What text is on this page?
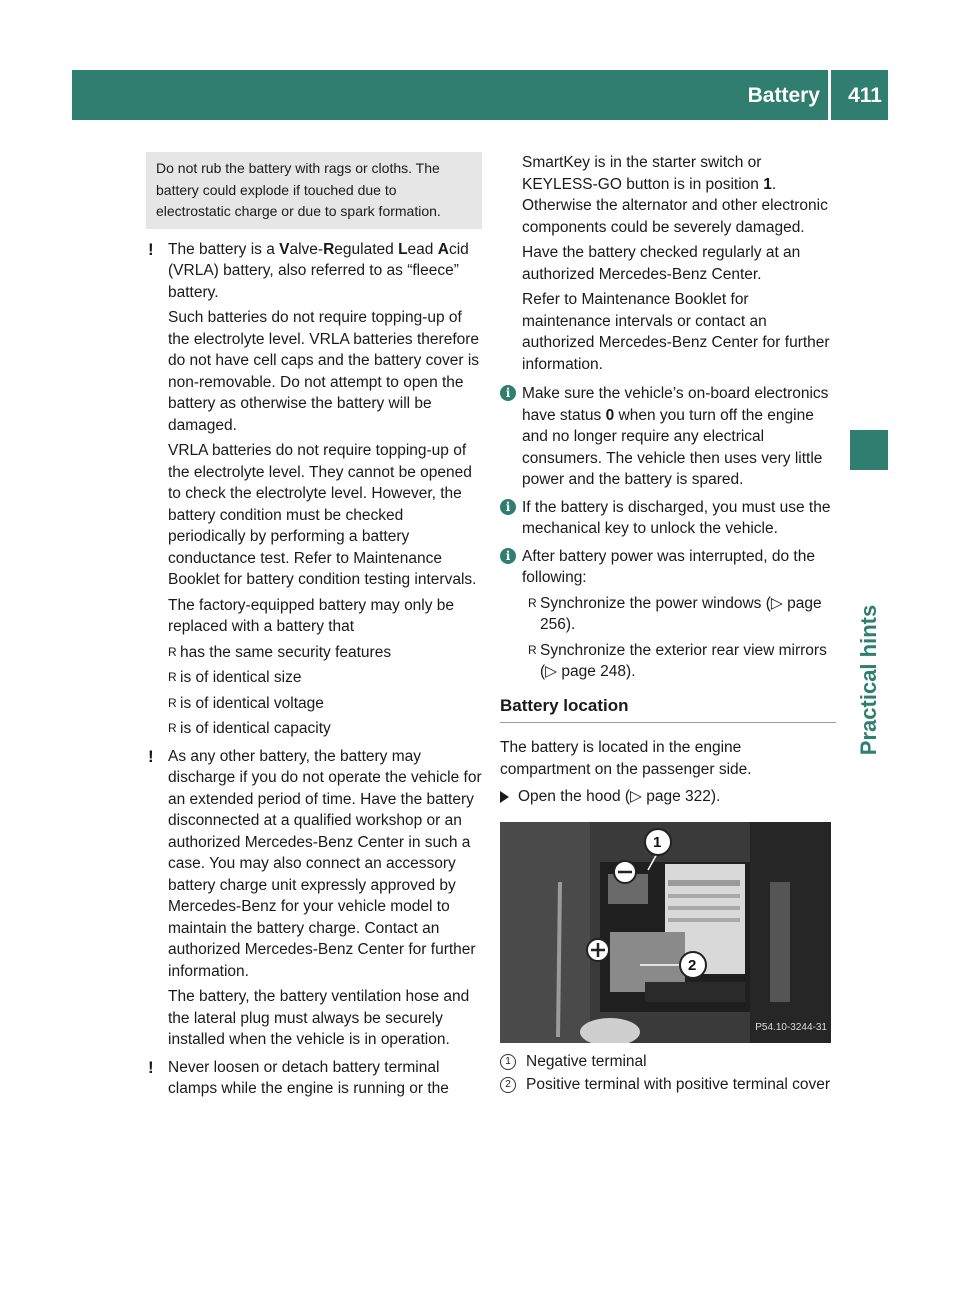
Battery 411
Practical hints
Do not rub the battery with rags or cloths. The battery could explode if touched due to electrostatic charge or due to spark formation.
! The battery is a Valve-Regulated Lead Acid (VRLA) battery, also referred to as “fleece” battery.
Such batteries do not require topping-up of the electrolyte level. VRLA batteries therefore do not have cell caps and the battery cover is non-removable. Do not attempt to open the battery as otherwise the battery will be damaged.
VRLA batteries do not require topping-up of the electrolyte level. They cannot be opened to check the electrolyte level. However, the battery condition must be checked periodically by performing a battery conductance test. Refer to Maintenance Booklet for battery condition testing intervals.
The factory-equipped battery may only be replaced with a battery that
R has the same security features
R is of identical size
R is of identical voltage
R is of identical capacity
! As any other battery, the battery may discharge if you do not operate the vehicle for an extended period of time. Have the battery disconnected at a qualified workshop or an authorized Mercedes-Benz Center in such a case. You may also connect an accessory battery charge unit expressly approved by Mercedes-Benz for your vehicle model to maintain the battery charge. Contact an authorized Mercedes-Benz Center for further information.
The battery, the battery ventilation hose and the lateral plug must always be securely installed when the vehicle is in operation.
! Never loosen or detach battery terminal clamps while the engine is running or the
SmartKey is in the starter switch or KEYLESS-GO button is in position 1. Otherwise the alternator and other electronic components could be severely damaged.
Have the battery checked regularly at an authorized Mercedes-Benz Center.
Refer to Maintenance Booklet for maintenance intervals or contact an authorized Mercedes-Benz Center for further information.
i Make sure the vehicle’s on-board electronics have status 0 when you turn off the engine and no longer require any electrical consumers. The vehicle then uses very little power and the battery is spared.
i If the battery is discharged, you must use the mechanical key to unlock the vehicle.
i After battery power was interrupted, do the following:
R Synchronize the power windows (▷ page 256).
R Synchronize the exterior rear view mirrors (▷ page 248).
Battery location
The battery is located in the engine compartment on the passenger side.
Open the hood (▷ page 322).
1
2
P54.10-3244-31
1 Negative terminal
2 Positive terminal with positive terminal cover
